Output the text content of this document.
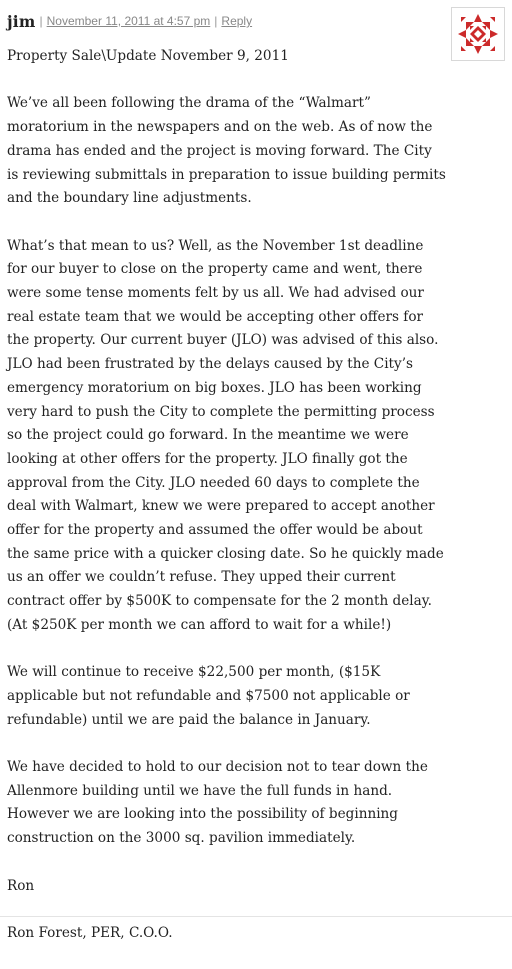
jim | November 11, 2011 at 4:57 pm | Reply

Property Sale\Update November 9, 2011

We’ve all been following the drama of the “Walmart” moratorium in the newspapers and on the web. As of now the drama has ended and the project is moving forward. The City is reviewing submittals in preparation to issue building permits and the boundary line adjustments.

What’s that mean to us? Well, as the November 1st deadline for our buyer to close on the property came and went, there were some tense moments felt by us all. We had advised our real estate team that we would be accepting other offers for the property. Our current buyer (JLO) was advised of this also. JLO had been frustrated by the delays caused by the City’s emergency moratorium on big boxes. JLO has been working very hard to push the City to complete the permitting process so the project could go forward. In the meantime we were looking at other offers for the property. JLO finally got the approval from the City. JLO needed 60 days to complete the deal with Walmart, knew we were prepared to accept another offer for the property and assumed the offer would be about the same price with a quicker closing date. So he quickly made us an offer we couldn’t refuse. They upped their current contract offer by $500K to compensate for the 2 month delay. (At $250K per month we can afford to wait for a while!)

We will continue to receive $22,500 per month, ($15K applicable but not refundable and $7500 not applicable or refundable) until we are paid the balance in January.

We have decided to hold to our decision not to tear down the Allenmore building until we have the full funds in hand. However we are looking into the possibility of beginning construction on the 3000 sq. pavilion immediately.

Ron

Ron Forest, PER, C.O.O.
